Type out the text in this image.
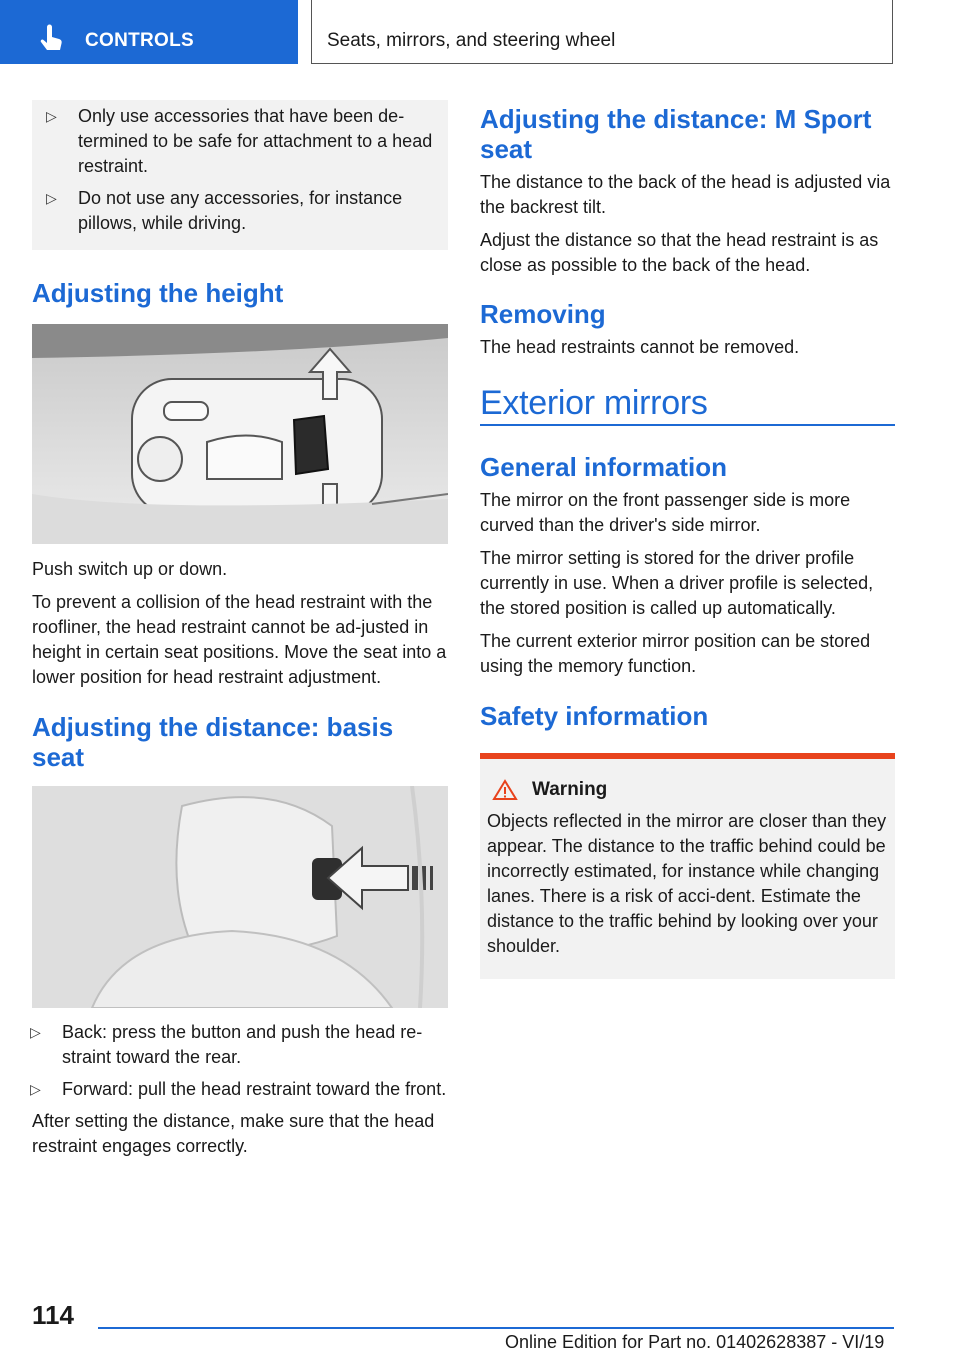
CONTROLS	Seats, mirrors, and steering wheel
▷	Only use accessories that have been de-termined to be safe for attachment to a head restraint.
▷	Do not use any accessories, for instance pillows, while driving.
Adjusting the height

Push switch up or down.

To prevent a collision of the head restraint with the roofliner, the head restraint cannot be ad-justed in height in certain seat positions. Move the seat into a lower position for head restraint adjustment.

Adjusting the distance: basis seat
▷	Back: press the button and push the head re-straint toward the rear.
▷	Forward: pull the head restraint toward the front.

After setting the distance, make sure that the head restraint engages correctly.

Adjusting the distance: M Sport seat

The distance to the back of the head is adjusted via the backrest tilt.

Adjust the distance so that the head restraint is as close as possible to the back of the head.

Removing

The head restraints cannot be removed.

Exterior mirrors
General information

The mirror on the front passenger side is more curved than the driver's side mirror.

The mirror setting is stored for the driver profile currently in use. When a driver profile is selected, the stored position is called up automatically.

The current exterior mirror position can be stored using the memory function.

Safety information
Warning

Objects reflected in the mirror are closer than they appear. The distance to the traffic behind could be incorrectly estimated, for instance while changing lanes. There is a risk of acci-dent. Estimate the distance to the traffic behind by looking over your shoulder.

114
Online Edition for Part no. 01402628387 - VI/19
